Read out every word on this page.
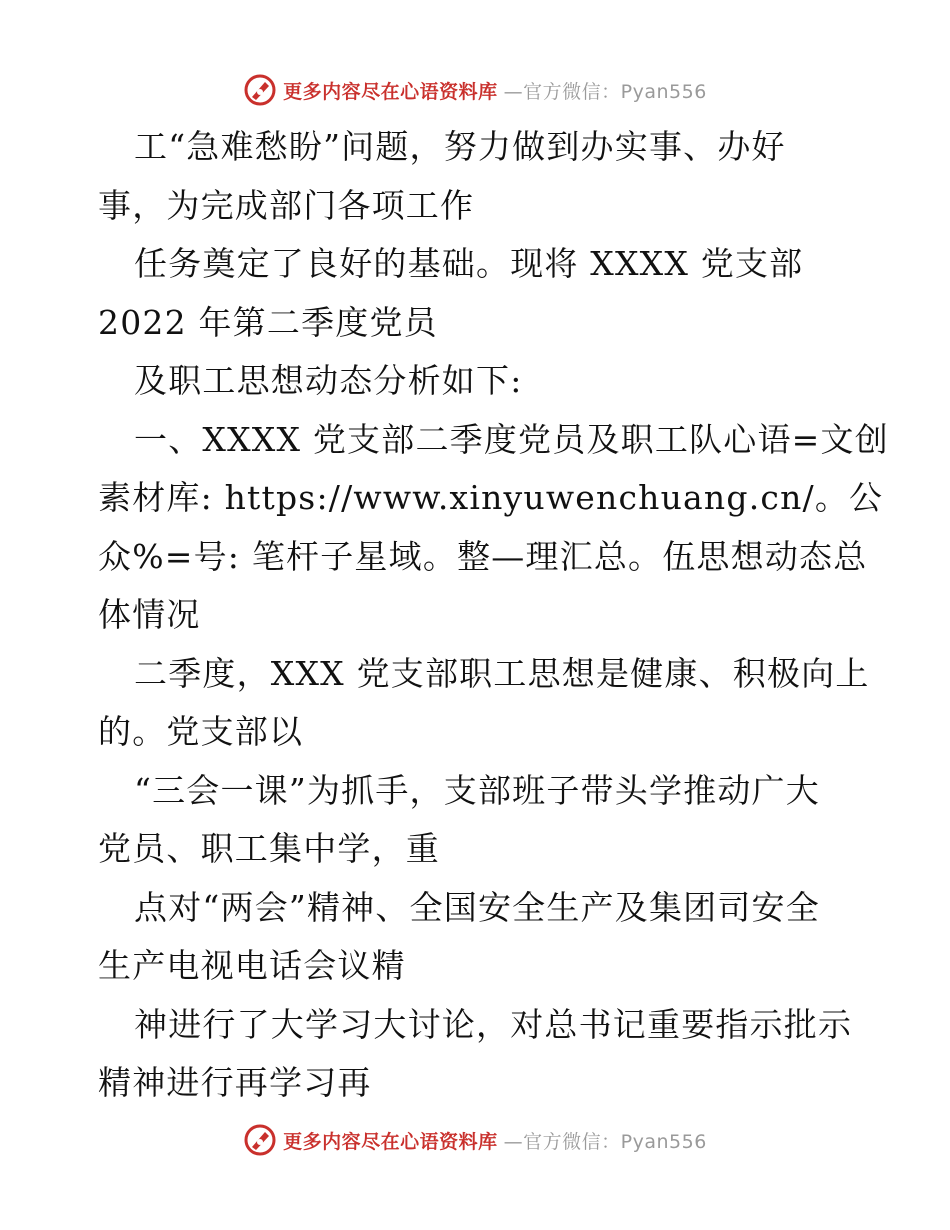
更多内容尽在心语资料库 —官方微信：Pyan556
工“急难愁盼”问题，努力做到办实事、办好
事，为完成部门各项工作
任务奠定了良好的基础。现将 XXXX 党支部
2022 年第二季度党员
及职工思想动态分析如下:
一、XXXX 党支部二季度党员及职工队心语=文创
素材库: https://www.xinyuwenchuang.cn/。公
众%=号: 笔杆子星域。整—理汇总。伍思想动态总
体情况
二季度，XXX 党支部职工思想是健康、积极向上
的。党支部以
“三会一课”为抓手，支部班子带头学推动广大
党员、职工集中学，重
点对“两会”精神、全国安全生产及集团司安全
生产电视电话会议精
神进行了大学习大讨论，对总书记重要指示批示
精神进行再学习再
更多内容尽在心语资料库 —官方微信：Pyan556
